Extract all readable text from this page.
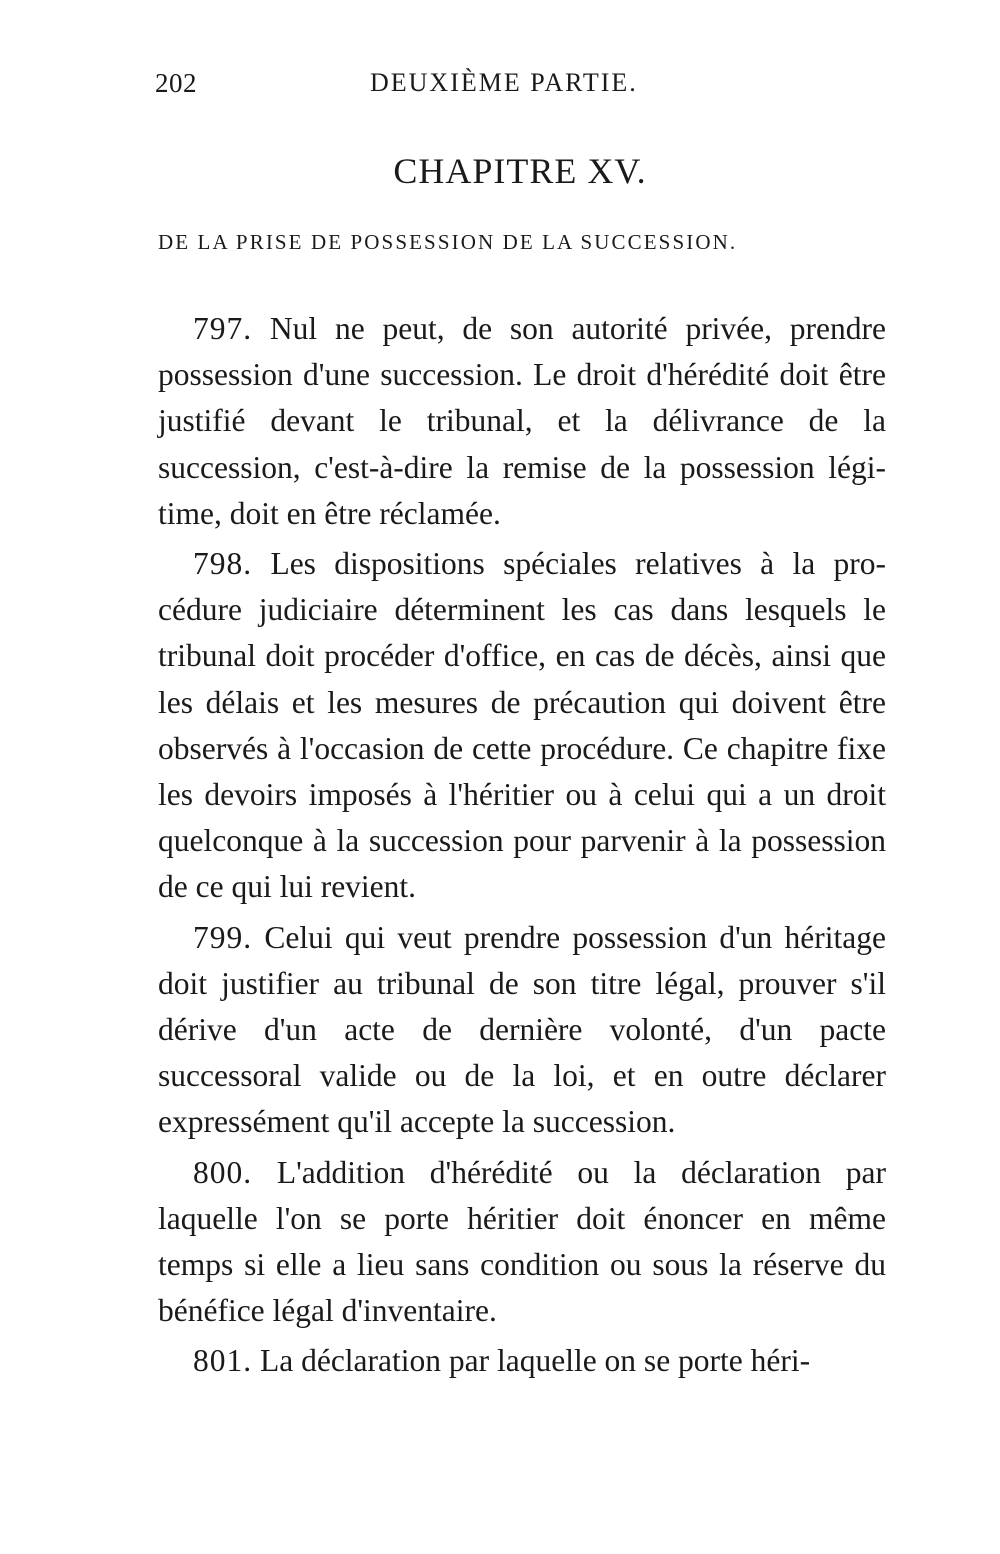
202	DEUXIÈME PARTIE.
CHAPITRE XV.
DE LA PRISE DE POSSESSION DE LA SUCCESSION.

797. Nul ne peut, de son autorité privée, prendre possession d'une succession. Le droit d'hérédité doit être justifié devant le tribunal, et la délivrance de la succession, c'est-à-dire la remise de la possession légitime, doit en être réclamée.

798. Les dispositions spéciales relatives à la procédure judiciaire déterminent les cas dans lesquels le tribunal doit procéder d'office, en cas de décès, ainsi que les délais et les mesures de précaution qui doivent être observés à l'occasion de cette procédure. Ce chapitre fixe les devoirs imposés à l'héritier ou à celui qui a un droit quelconque à la succession pour parvenir à la possession de ce qui lui revient.

799. Celui qui veut prendre possession d'un héritage doit justifier au tribunal de son titre légal, prouver s'il dérive d'un acte de dernière volonté, d'un pacte successoral valide ou de la loi, et en outre déclarer expressément qu'il accepte la succession.

800. L'addition d'hérédité ou la déclaration par laquelle l'on se porte héritier doit énoncer en même temps si elle a lieu sans condition ou sous la réserve du bénéfice légal d'inventaire.

801. La déclaration par laquelle on se porte héri-
